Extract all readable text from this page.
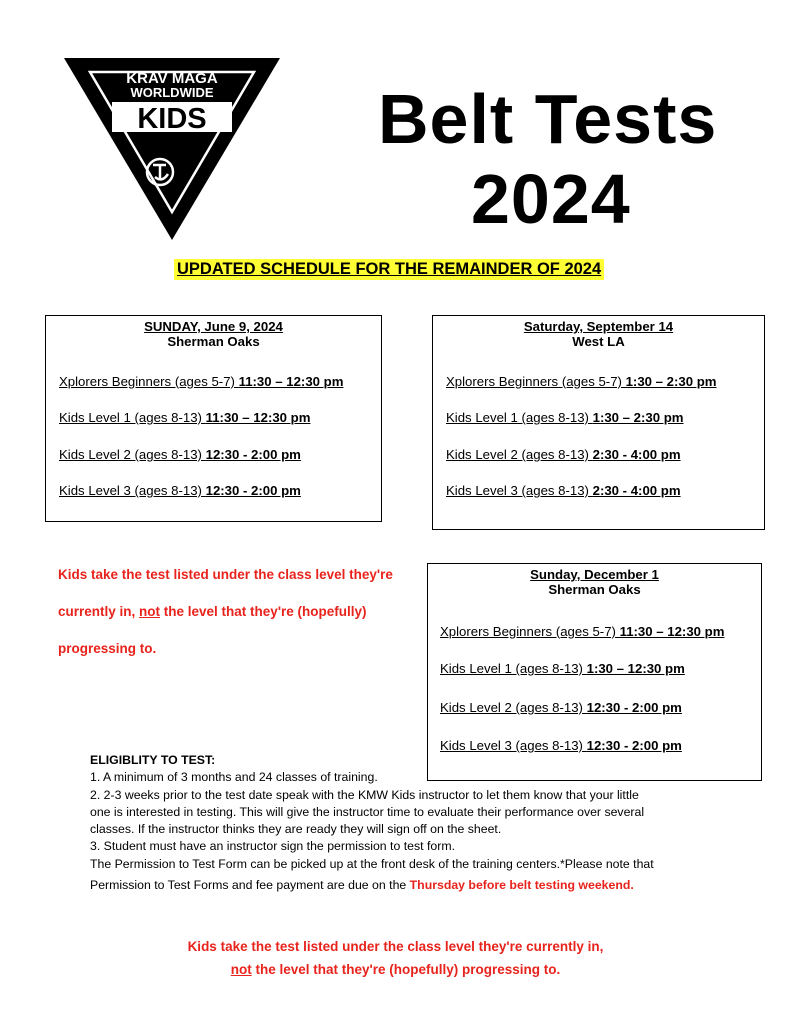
KRAV MAGA
WORLDWIDE
KIDS Belt Tests
2024
UPDATED SCHEDULE FOR THE REMAINDER OF 2024
SUNDAY, June 9, 2024
Sherman Oaks
Xplorers Beginners (ages 5-7) 11:30 – 12:30 pm
Kids Level 1 (ages 8-13) 11:30 – 12:30 pm
Kids Level 2 (ages 8-13) 12:30 - 2:00 pm
Kids Level 3 (ages 8-13) 12:30 - 2:00 pm
Saturday, September 14
West LA
Xplorers Beginners (ages 5-7) 1:30 – 2:30 pm
Kids Level 1 (ages 8-13) 1:30 – 2:30 pm
Kids Level 2 (ages 8-13) 2:30 - 4:00 pm
Kids Level 3 (ages 8-13) 2:30 - 4:00 pm
Sunday, December 1
Sherman Oaks
Xplorers Beginners (ages 5-7) 11:30 – 12:30 pm
Kids Level 1 (ages 8-13) 1:30 – 12:30 pm
Kids Level 2 (ages 8-13) 12:30 - 2:00 pm
Kids Level 3 (ages 8-13) 12:30 - 2:00 pm
Kids take the test listed under the class level they're
currently in, not the level that they're (hopefully)
progressing to.
ELIGIBLITY TO TEST:
1. A minimum of 3 months and 24 classes of training.
2. 2-3 weeks prior to the test date speak with the KMW Kids instructor to let them know that your little
one is interested in testing. This will give the instructor time to evaluate their performance over several
classes. If the instructor thinks they are ready they will sign off on the sheet.
3. Student must have an instructor sign the permission to test form.
The Permission to Test Form can be picked up at the front desk of the training centers.*Please note that
Permission to Test Forms and fee payment are due on the Thursday before belt testing weekend.
Kids take the test listed under the class level they're currently in,
not the level that they're (hopefully) progressing to.
